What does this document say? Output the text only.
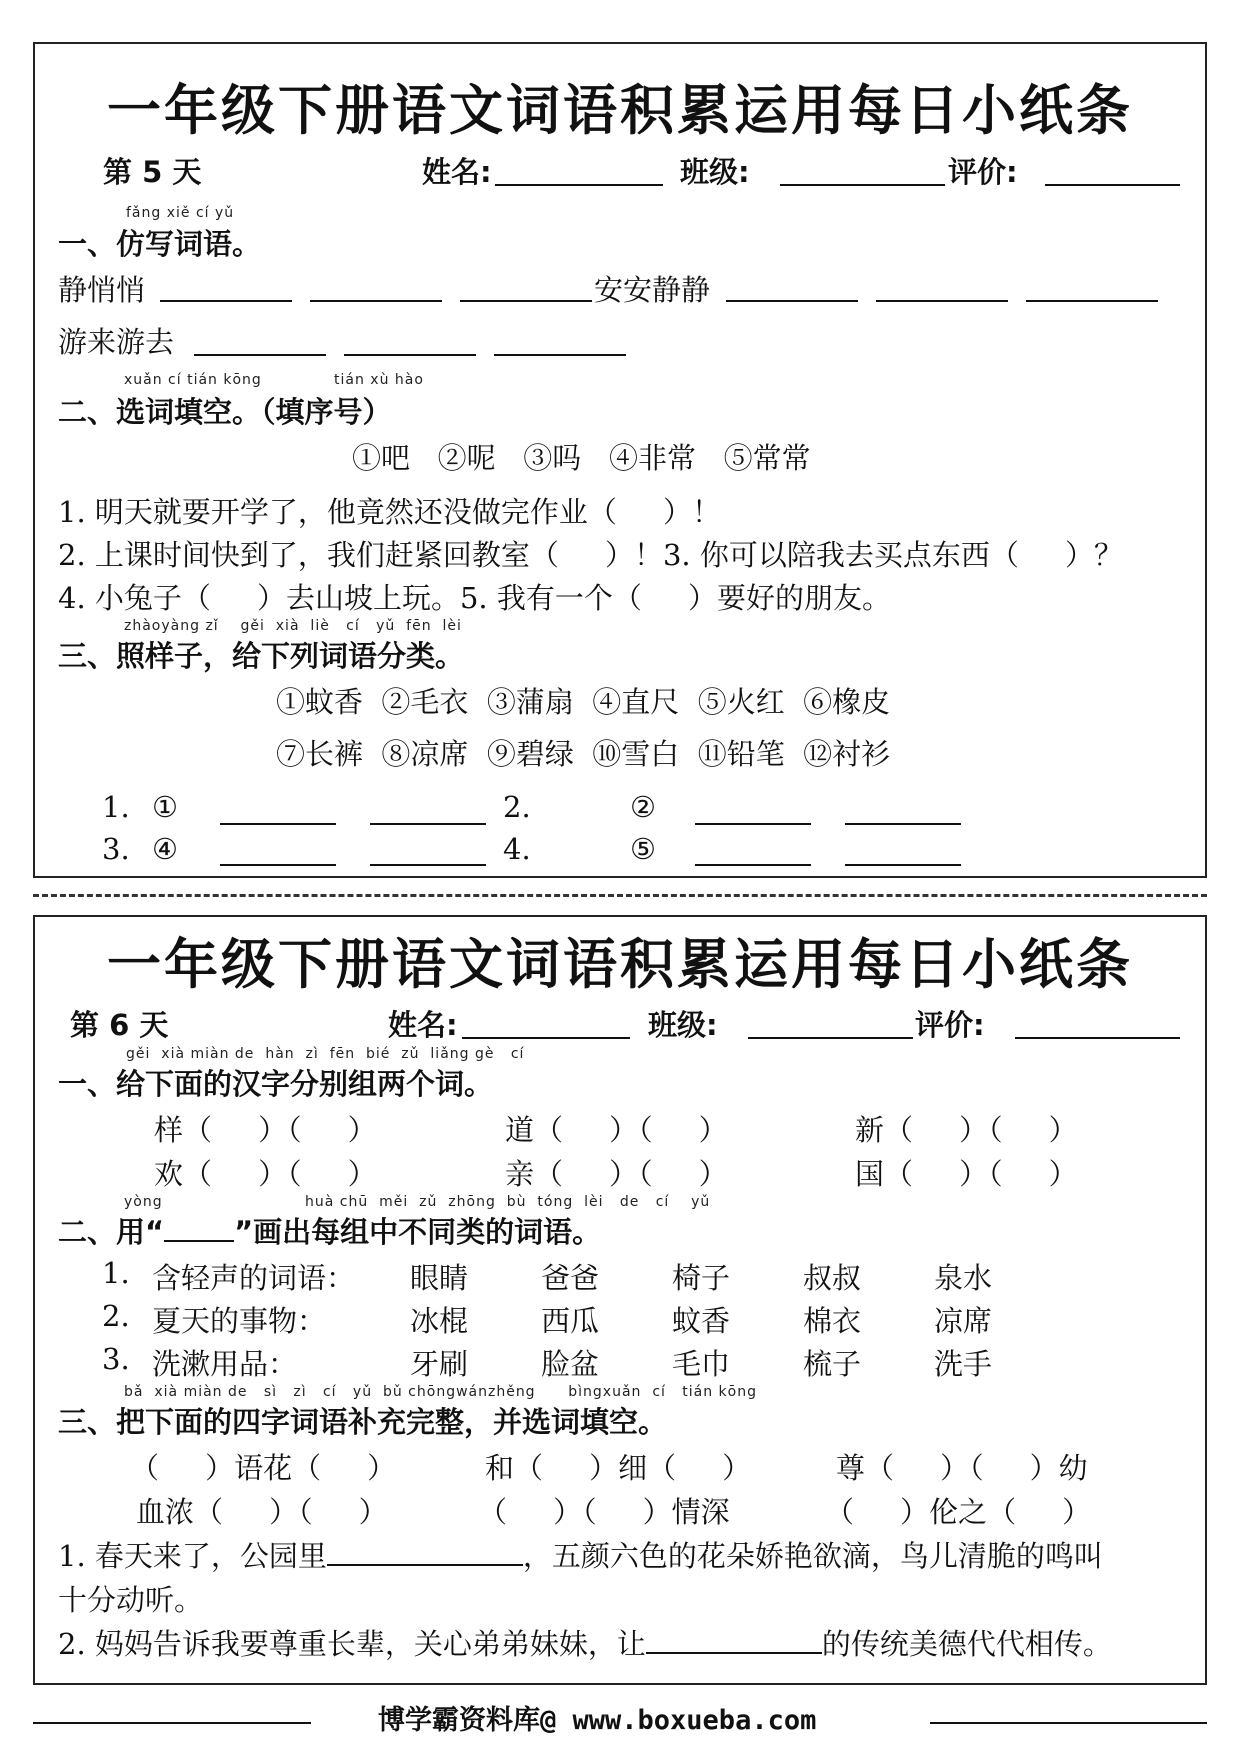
一年级下册语文词语积累运用每日小纸条
第 5 天	姓名:	班级:	评价:
fǎng xiě cí yǔ
一、仿写词语。
静悄悄	安安静静
游来游去
xuǎn cí tián kōng	tián xù hào
二、选词填空。（填序号）
①吧   ②呢   ③吗   ④非常   ⑤常常
1. 明天就要开学了，他竟然还没做完作业（     ）！
2. 上课时间快到了，我们赶紧回教室（     ）！3. 你可以陪我去买点东西（     ）？
4. 小兔子（     ）去山坡上玩。5. 我有一个（     ）要好的朋友。
zhàoyàng zǐ    gěi  xià  liè   cí   yǔ  fēn  lèi
三、照样子，给下列词语分类。
①蚊香  ②毛衣  ③蒲扇  ④直尺  ⑤火红  ⑥橡皮
⑦长裤  ⑧凉席  ⑨碧绿  ⑩雪白  ⑪铅笔  ⑫衬衫
1. ①	2.	②
3. ④	4.	⑤
一年级下册语文词语积累运用每日小纸条
第 6 天	姓名:	班级:	评价:
gěi  xià miàn de  hàn  zì  fēn  bié  zǔ  liǎng gè   cí
一、给下面的汉字分别组两个词。
样（     ）（     ）	道（     ）（     ）	新（     ）（     ）
欢（     ）（     ）	亲（     ）（     ）	国（     ）（     ）
yòng	huà chū  měi  zǔ  zhōng  bù  tóng  lèi   de   cí    yǔ
二、用“ ”画出每组中不同类的词语。
1. 含轻声的词语： 眼睛	爸爸	椅子	叔叔	泉水
2. 夏天的事物：	冰棍	西瓜	蚊香	棉衣	凉席
3. 洗漱用品：	牙刷	脸盆	毛巾	梳子	洗手
bǎ  xià miàn de   sì   zì   cí   yǔ  bǔ chōngwánzhěng      bìngxuǎn  cí   tián kōng
三、把下面的四字词语补充完整，并选词填空。
（     ）语花（     ）	和（     ）细（     ）	尊（     ）（     ）幼
血浓（     ）（     ）	（     ）（     ）情深	（     ）伦之（     ）
1. 春天来了，公园里	，五颜六色的花朵娇艳欲滴，鸟儿清脆的鸣叫
十分动听。
2. 妈妈告诉我要尊重长辈，关心弟弟妹妹，让	的传统美德代代相传。
博学霸资料库@ www.boxueba.com
